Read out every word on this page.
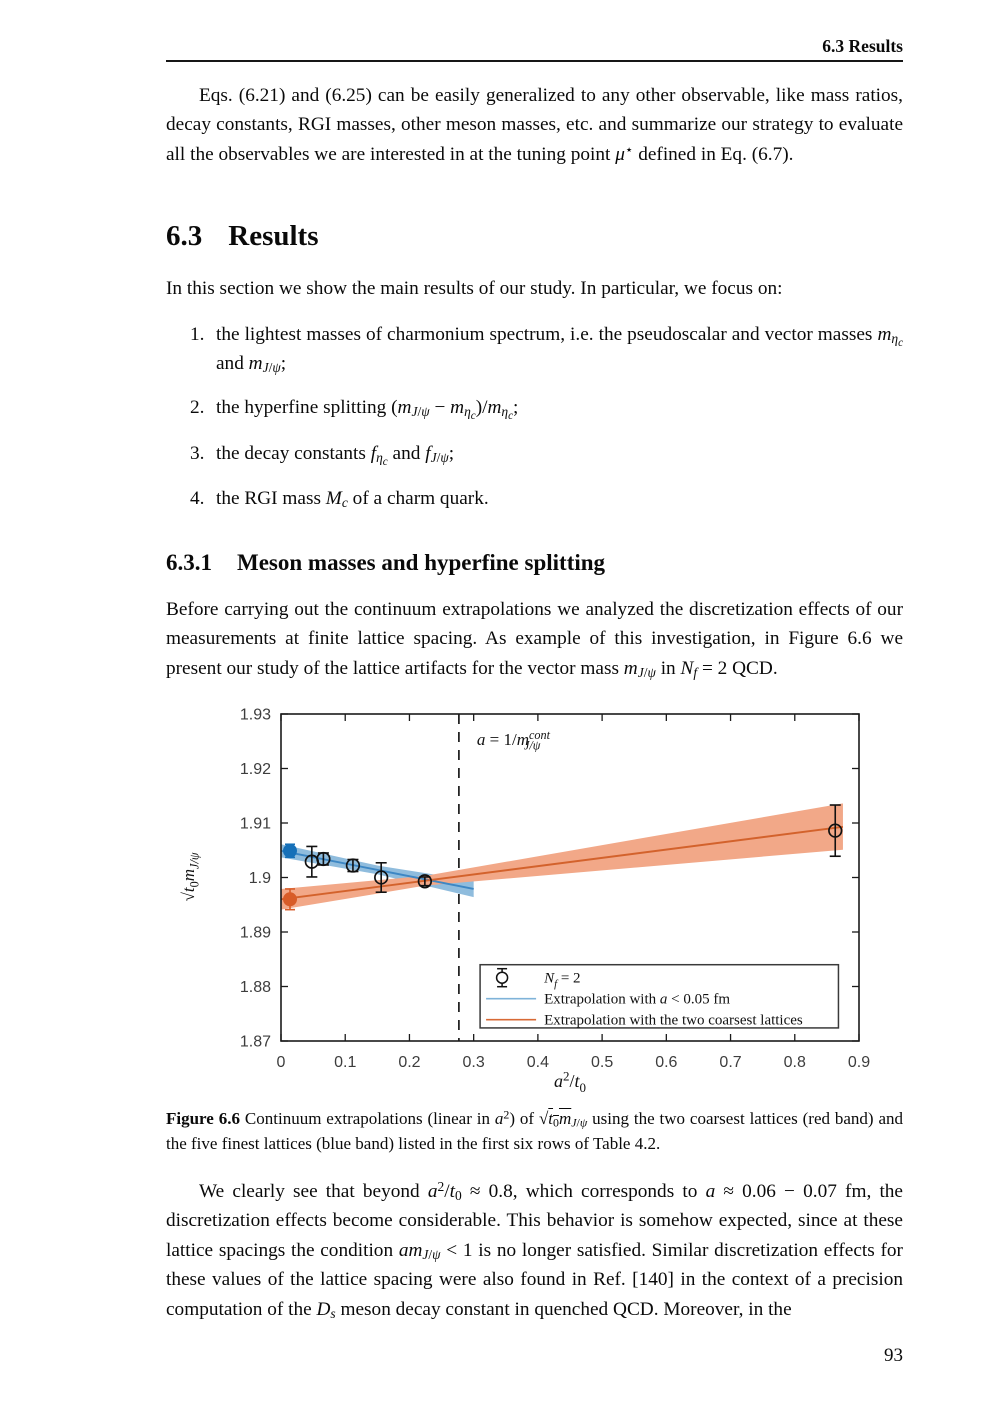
6.3 Results

Eqs. (6.21) and (6.25) can be easily generalized to any other observable, like mass ratios, decay constants, RGI masses, other meson masses, etc. and summarize our strategy to evaluate all the observables we are interested in at the tuning point μ⋆ defined in Eq. (6.7).

6.3 Results

In this section we show the main results of our study. In particular, we focus on:

1. the lightest masses of charmonium spectrum, i.e. the pseudoscalar and vector masses $m_{\eta_c}$ and $m_{J/\psi}$;
2. the hyperfine splitting $(m_{J/\psi} - m_{\eta_c})/m_{\eta_c}$;
3. the decay constants $f_{\eta_c}$ and $f_{J/\psi}$;
4. the RGI mass $M_c$ of a charm quark.
6.3.1 Meson masses and hyperfine splitting

Before carrying out the continuum extrapolations we analyzed the discretization effects of our measurements at finite lattice spacing. As example of this investigation, in Figure 6.6 we present our study of the lattice artifacts for the vector mass $m_{J/\psi}$ in $N_f = 2$ QCD.

0	0.1	0.2	0.3	0.4	0.5	0.6	0.7	0.8	0.9
1.87
1.88
1.89
1.9
1.91
1.92
1.93
$N_f = 2$
Extrapolation with a < 0.05 fm
Extrapolation with the two coarsest lattices
$a = 1/m^{cont}$ J/ψ
$a^2/t_0$
$√t_0m_{J/\psi}$

Figure 6.6 Continuum extrapolations (linear in $a^2$) of $√t_0m_{J/\psi}$ using the two coarsest lattices (red band) and the five finest lattices (blue band) listed in the first six rows of Table 4.2.

We clearly see that beyond $a^2/t_0 \approx 0.8$, which corresponds to a ≈ 0.06 − 0.07 fm, the discretization effects become considerable. This behavior is somehow expected, since at these lattice spacings the condition $am_{J/\psi} < 1$ is no longer satisfied. Similar discretization effects for these values of the lattice spacing were also found in Ref. [140] in the context of a precision computation of the $D_s$ meson decay constant in quenched QCD. Moreover, in the

93
